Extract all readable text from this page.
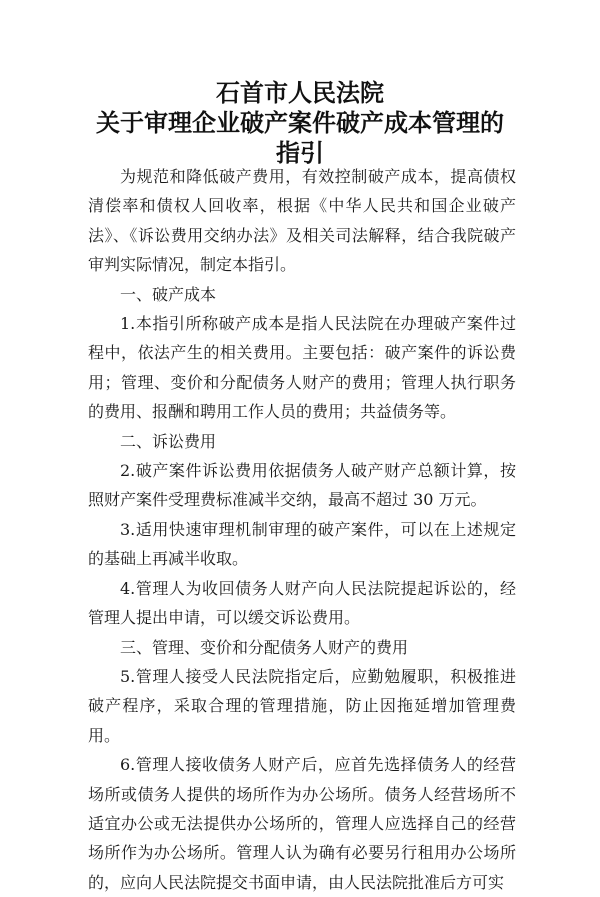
石首市人民法院
关于审理企业破产案件破产成本管理的
指引

为规范和降低破产费用，有效控制破产成本，提高债权清偿率和债权人回收率，根据《中华人民共和国企业破产法》、《诉讼费用交纳办法》及相关司法解释，结合我院破产审判实际情况，制定本指引。

一、破产成本

1.本指引所称破产成本是指人民法院在办理破产案件过程中，依法产生的相关费用。主要包括：破产案件的诉讼费用；管理、变价和分配债务人财产的费用；管理人执行职务的费用、报酬和聘用工作人员的费用；共益债务等。

二、诉讼费用

2.破产案件诉讼费用依据债务人破产财产总额计算，按照财产案件受理费标准减半交纳，最高不超过 30 万元。

3.适用快速审理机制审理的破产案件，可以在上述规定的基础上再减半收取。

4.管理人为收回债务人财产向人民法院提起诉讼的，经管理人提出申请，可以缓交诉讼费用。

三、管理、变价和分配债务人财产的费用

5.管理人接受人民法院指定后，应勤勉履职，积极推进破产程序，采取合理的管理措施，防止因拖延增加管理费用。

6.管理人接收债务人财产后，应首先选择债务人的经营场所或债务人提供的场所作为办公场所。债务人经营场所不适宜办公或无法提供办公场所的，管理人应选择自己的经营场所作为办公场所。管理人认为确有必要另行租用办公场所的，应向人民法院提交书面申请，由人民法院批准后方可实
